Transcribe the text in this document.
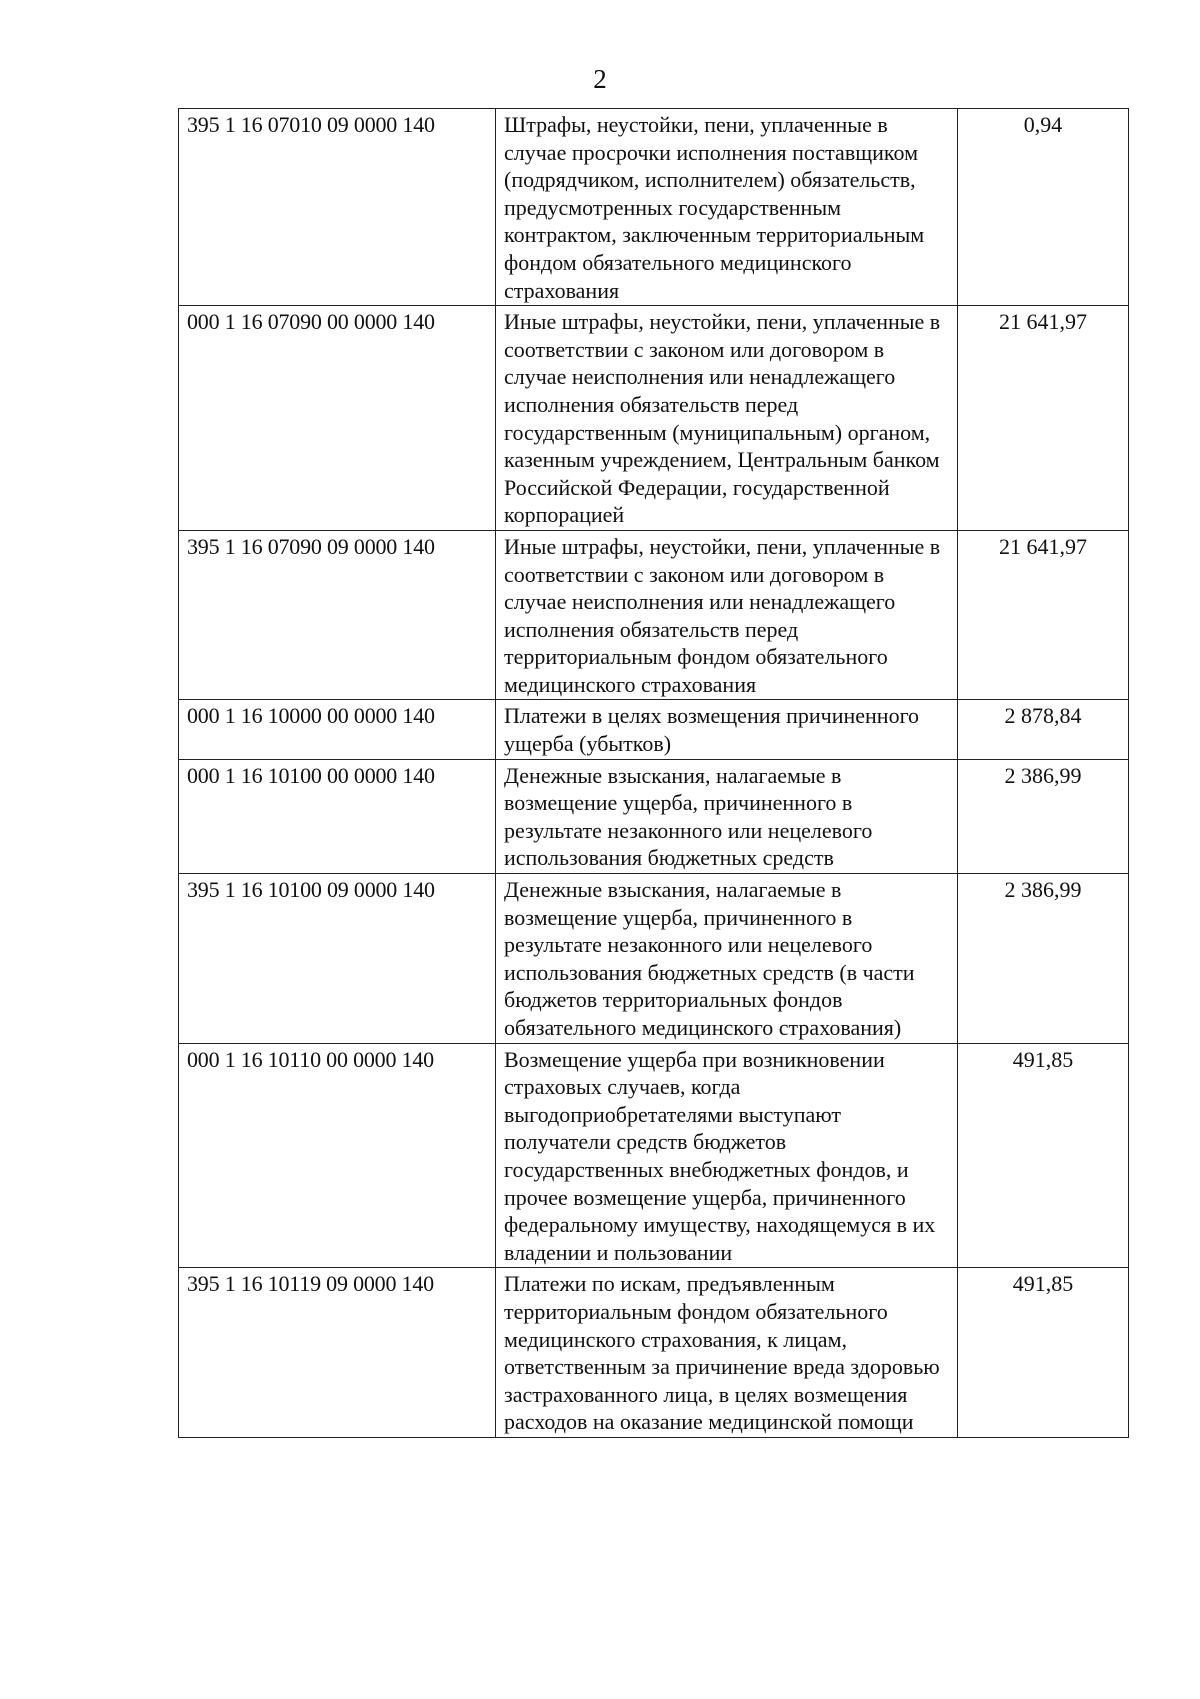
2
395 1 16 07010 09 0000 140	Штрафы, неустойки, пени, уплаченные в случае просрочки исполнения поставщиком (подрядчиком, исполнителем) обязательств, предусмотренных государственным контрактом, заключенным территориальным фондом обязательного медицинского страхования	0,94
000 1 16 07090 00 0000 140	Иные штрафы, неустойки, пени, уплаченные в соответствии с законом или договором в случае неисполнения или ненадлежащего исполнения обязательств перед государственным (муниципальным) органом, казенным учреждением, Центральным банком Российской Федерации, государственной корпорацией	21 641,97
395 1 16 07090 09 0000 140	Иные штрафы, неустойки, пени, уплаченные в соответствии с законом или договором в случае неисполнения или ненадлежащего исполнения обязательств перед территориальным фондом обязательного медицинского страхования	21 641,97
000 1 16 10000 00 0000 140	Платежи в целях возмещения причиненного ущерба (убытков)	2 878,84
000 1 16 10100 00 0000 140	Денежные взыскания, налагаемые в возмещение ущерба, причиненного в результате незаконного или нецелевого использования бюджетных средств	2 386,99
395 1 16 10100 09 0000 140	Денежные взыскания, налагаемые в возмещение ущерба, причиненного в результате незаконного или нецелевого использования бюджетных средств (в части бюджетов территориальных фондов обязательного медицинского страхования)	2 386,99
000 1 16 10110 00 0000 140	Возмещение ущерба при возникновении страховых случаев, когда выгодоприобретателями выступают получатели средств бюджетов государственных внебюджетных фондов, и прочее возмещение ущерба, причиненного федеральному имуществу, находящемуся в их владении и пользовании	491,85
395 1 16 10119 09 0000 140	Платежи по искам, предъявленным территориальным фондом обязательного медицинского страхования, к лицам, ответственным за причинение вреда здоровью застрахованного лица, в целях возмещения расходов на оказание медицинской помощи	491,85
